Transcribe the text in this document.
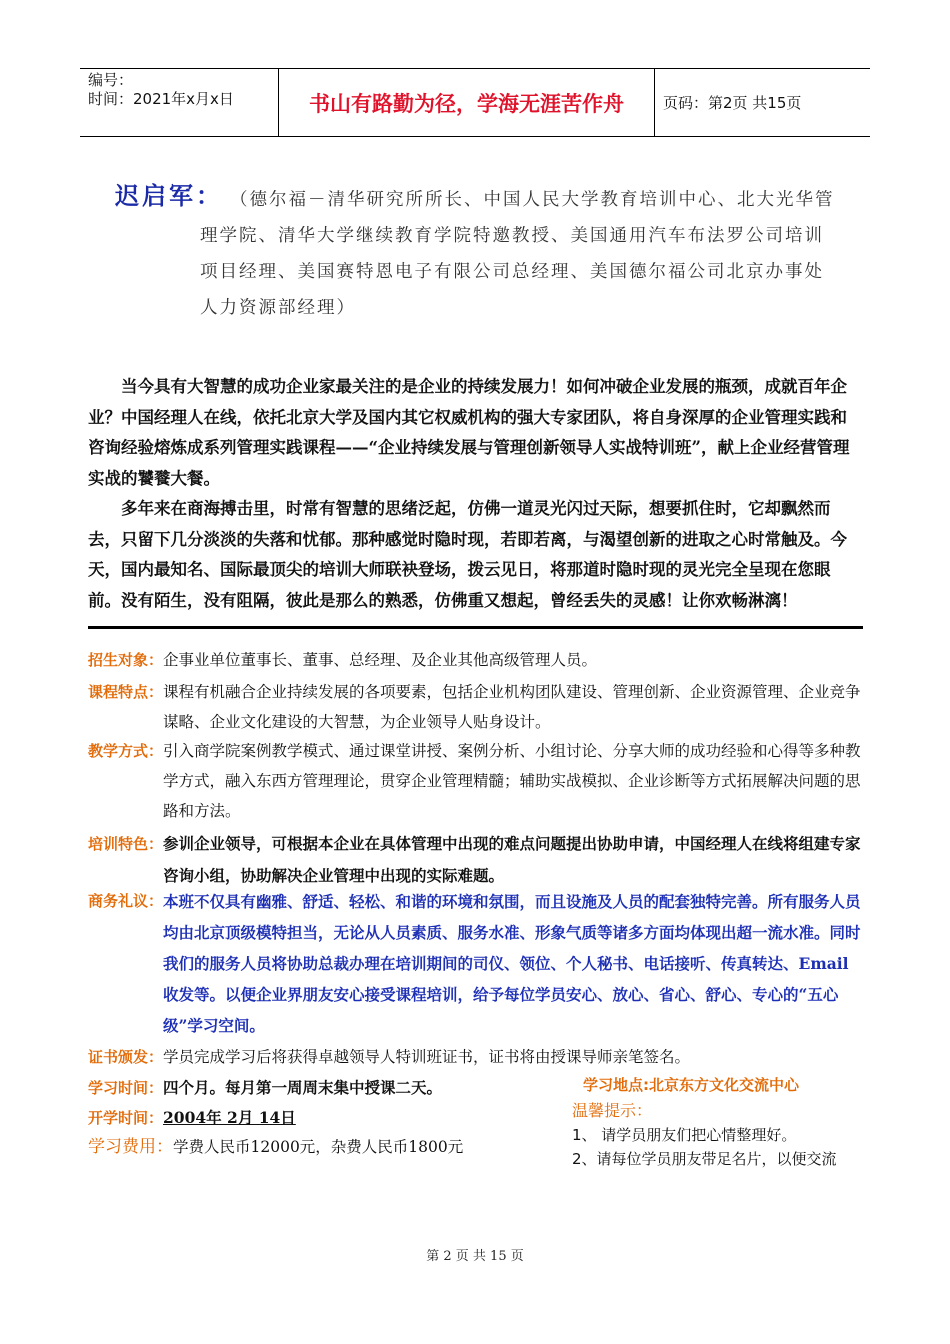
编号：
时间：2021年x月x日	书山有路勤为径，学海无涯苦作舟	页码：第2页 共15页
迟启军： （德尔福－清华研究所所长、中国人民大学教育培训中心、北大光华管
理学院、清华大学继续教育学院特邀教授、美国通用汽车布法罗公司培训
项目经理、美国赛特恩电子有限公司总经理、美国德尔福公司北京办事处
人力资源部经理）

当今具有大智慧的成功企业家最关注的是企业的持续发展力！如何冲破企业发展的瓶颈，成就百年企业？中国经理人在线，依托北京大学及国内其它权威机构的强大专家团队，将自身深厚的企业管理实践和咨询经验熔炼成系列管理实践课程——“企业持续发展与管理创新领导人实战特训班”，献上企业经营管理实战的饕餮大餐。

多年来在商海搏击里，时常有智慧的思绪泛起，仿佛一道灵光闪过天际，想要抓住时，它却飘然而去，只留下几分淡淡的失落和忧郁。那种感觉时隐时现，若即若离，与渴望创新的进取之心时常触及。今天，国内最知名、国际最顶尖的培训大师联袂登场，拨云见日，将那道时隐时现的灵光完全呈现在您眼前。没有陌生，没有阻隔，彼此是那么的熟悉，仿佛重又想起，曾经丢失的灵感！让你欢畅淋漓！

招生对象： 企事业单位董事长、董事、总经理、及企业其他高级管理人员。
课程特点： 课程有机融合企业持续发展的各项要素，包括企业机构团队建设、管理创新、企业资源管理、企业竞争谋略、企业文化建设的大智慧，为企业领导人贴身设计。
教学方式： 引入商学院案例教学模式、通过课堂讲授、案例分析、小组讨论、分享大师的成功经验和心得等多种教学方式，融入东西方管理理论，贯穿企业管理精髓；辅助实战模拟、企业诊断等方式拓展解决问题的思路和方法。
培训特色： 参训企业领导，可根据本企业在具体管理中出现的难点问题提出协助申请，中国经理人在线将组建专家咨询小组，协助解决企业管理中出现的实际难题。
商务礼议： 本班不仅具有幽雅、舒适、轻松、和谐的环境和氛围，而且设施及人员的配套独特完善。所有服务人员均由北京顶级模特担当，无论从人员素质、服务水准、形象气质等诸多方面均体现出超一流水准。同时我们的服务人员将协助总裁办理在培训期间的司仪、领位、个人秘书、电话接听、传真转达、Email收发等。以便企业界朋友安心接受课程培训，给予每位学员安心、放心、省心、舒心、专心的“五心级”学习空间。
证书颁发： 学员完成学习后将获得卓越领导人特训班证书，证书将由授课导师亲笔签名。
学习时间： 四个月。每月第一周周末集中授课二天。
开学时间： 2004年 2月 14日
学习费用： 学费人民币12000元，杂费人民币1800元
学习地点:北京东方文化交流中心
温馨提示：
1、 请学员朋友们把心情整理好。
2、请每位学员朋友带足名片，以便交流
第 2 页 共 15 页
